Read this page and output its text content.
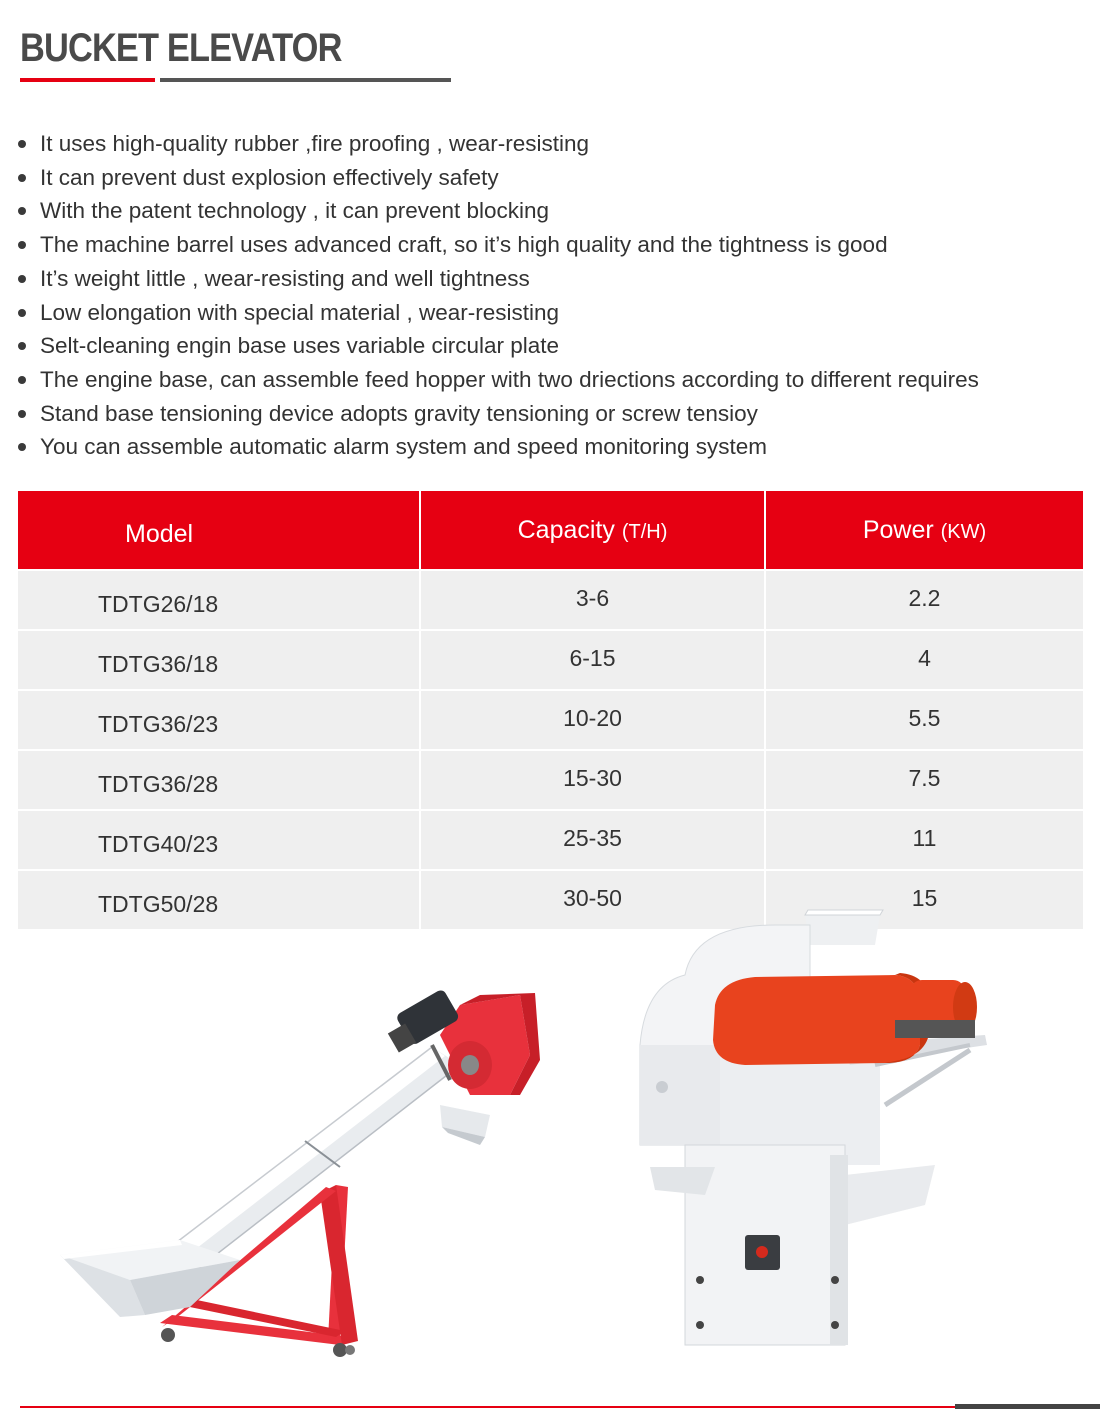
BUCKET ELEVATOR
It uses high-quality rubber ,fire proofing , wear-resisting
It can prevent dust explosion effectively safety
With the patent technology , it can prevent blocking
The machine barrel uses advanced craft, so it’s high quality and the tightness is good
It’s weight little , wear-resisting and well tightness
Low elongation with special material , wear-resisting
Selt-cleaning engin base uses variable circular plate
The engine base, can assemble feed hopper with two driections according to different requires
Stand base tensioning device adopts gravity tensioning or screw tensioy
You can assemble automatic alarm system and speed monitoring system
Model	Capacity (T/H)	Power (KW)
TDTG26/18	3-6	2.2
TDTG36/18	6-15	4
TDTG36/23	10-20	5.5
TDTG36/28	15-30	7.5
TDTG40/23	25-35	11
TDTG50/28	30-50	15
